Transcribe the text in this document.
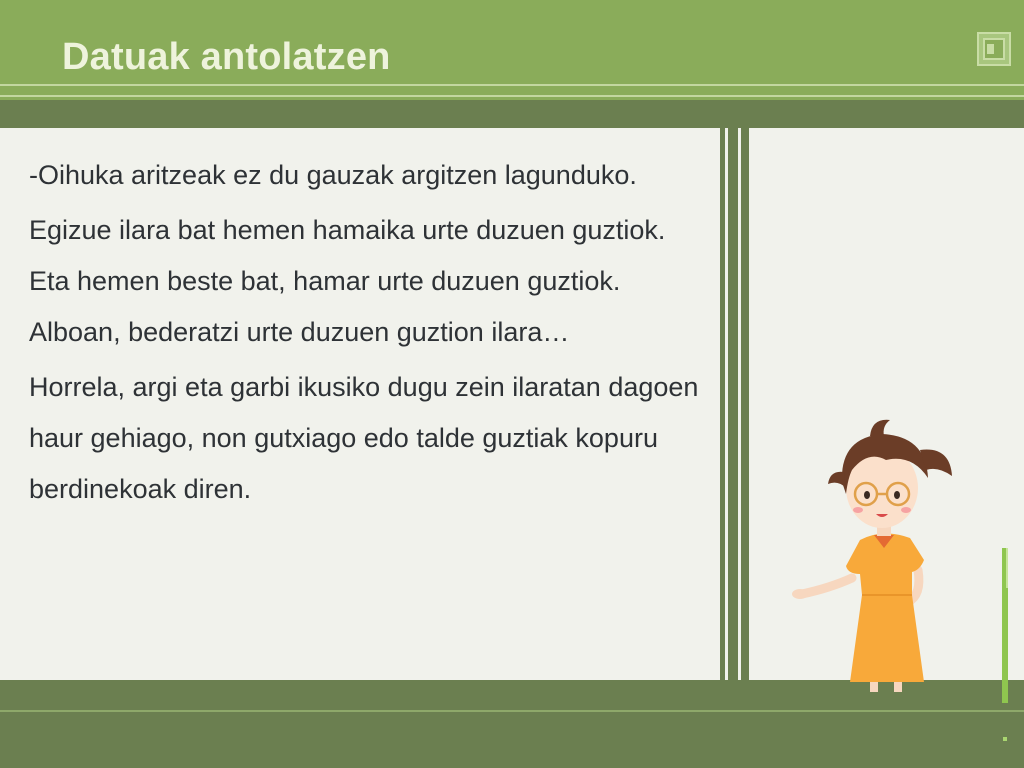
Datuak antolatzen

-Oihuka aritzeak ez du gauzak argitzen lagunduko.

Egizue ilara bat hemen hamaika urte duzuen guztiok. Eta hemen beste bat, hamar urte duzuen guztiok. Alboan, bederatzi urte duzuen guztion ilara…

Horrela, argi eta garbi ikusiko dugu zein ilaratan dagoen haur gehiago, non gutxiago edo talde guztiak kopuru berdinekoak diren.
